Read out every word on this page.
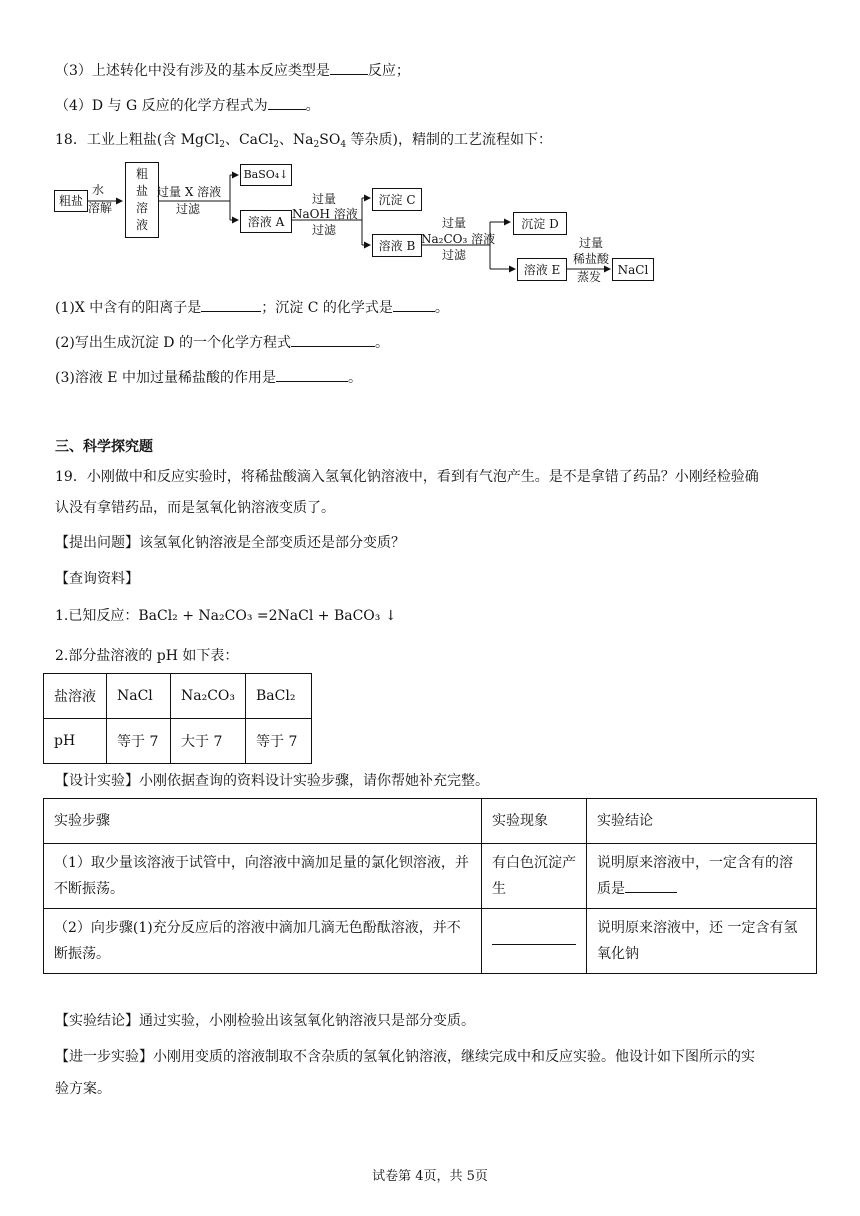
（3）上述转化中没有涉及的基本反应类型是	反应；
（4）D 与 G 反应的化学方程式为	。
18．工业上粗盐(含 MgCl$_2$、CaCl$_2$、$Na_2SO_4$ 等杂质)，精制的工艺流程如下：
粗盐
水
溶解
粗盐溶液
过量 X 溶液
过滤
BaSO₄↓
溶液 A
过量
NaOH 溶液
过滤
沉淀 C
溶液 B
过量
Na₂CO₃ 溶液
过滤
沉淀 D
溶液 E
过量
稀盐酸
蒸发
NaCl
(1)X 中含有的阳离子是	；沉淀 C 的化学式是	。
(2)写出生成沉淀 D 的一个化学方程式	。
(3)溶液 E 中加过量稀盐酸的作用是	。
三、科学探究题
19．小刚做中和反应实验时，将稀盐酸滴入氢氧化钠溶液中，看到有气泡产生。是不是拿错了药品？小刚经检验确
认没有拿错药品，而是氢氧化钠溶液变质了。
【提出问题】该氢氧化钠溶液是全部变质还是部分变质？
【查询资料】
1.已知反应：BaCl₂ + Na₂CO₃ =2NaCl + BaCO₃ ↓
2.部分盐溶液的 pH 如下表：
盐溶液	NaCl	Na₂CO₃	BaCl₂
pH	等于 7	大于 7	等于 7
【设计实验】小刚依据查询的资料设计实验步骤，请你帮她补充完整。
实验步骤	实验现象	实验结论
（1）取少量该溶液于试管中，向溶液中滴加足量的氯化钡溶液，并不断振荡。	有白色沉淀产生	说明原来溶液中，一定含有的溶质是
（2）向步骤(1)充分反应后的溶液中滴加几滴无色酚酞溶液，并不断振荡。		说明原来溶液中，还 一定含有氢氧化钠
【实验结论】通过实验，小刚检验出该氢氧化钠溶液只是部分变质。
【进一步实验】小刚用变质的溶液制取不含杂质的氢氧化钠溶液，继续完成中和反应实验。他设计如下图所示的实
验方案。
试卷第 4页，共 5页
